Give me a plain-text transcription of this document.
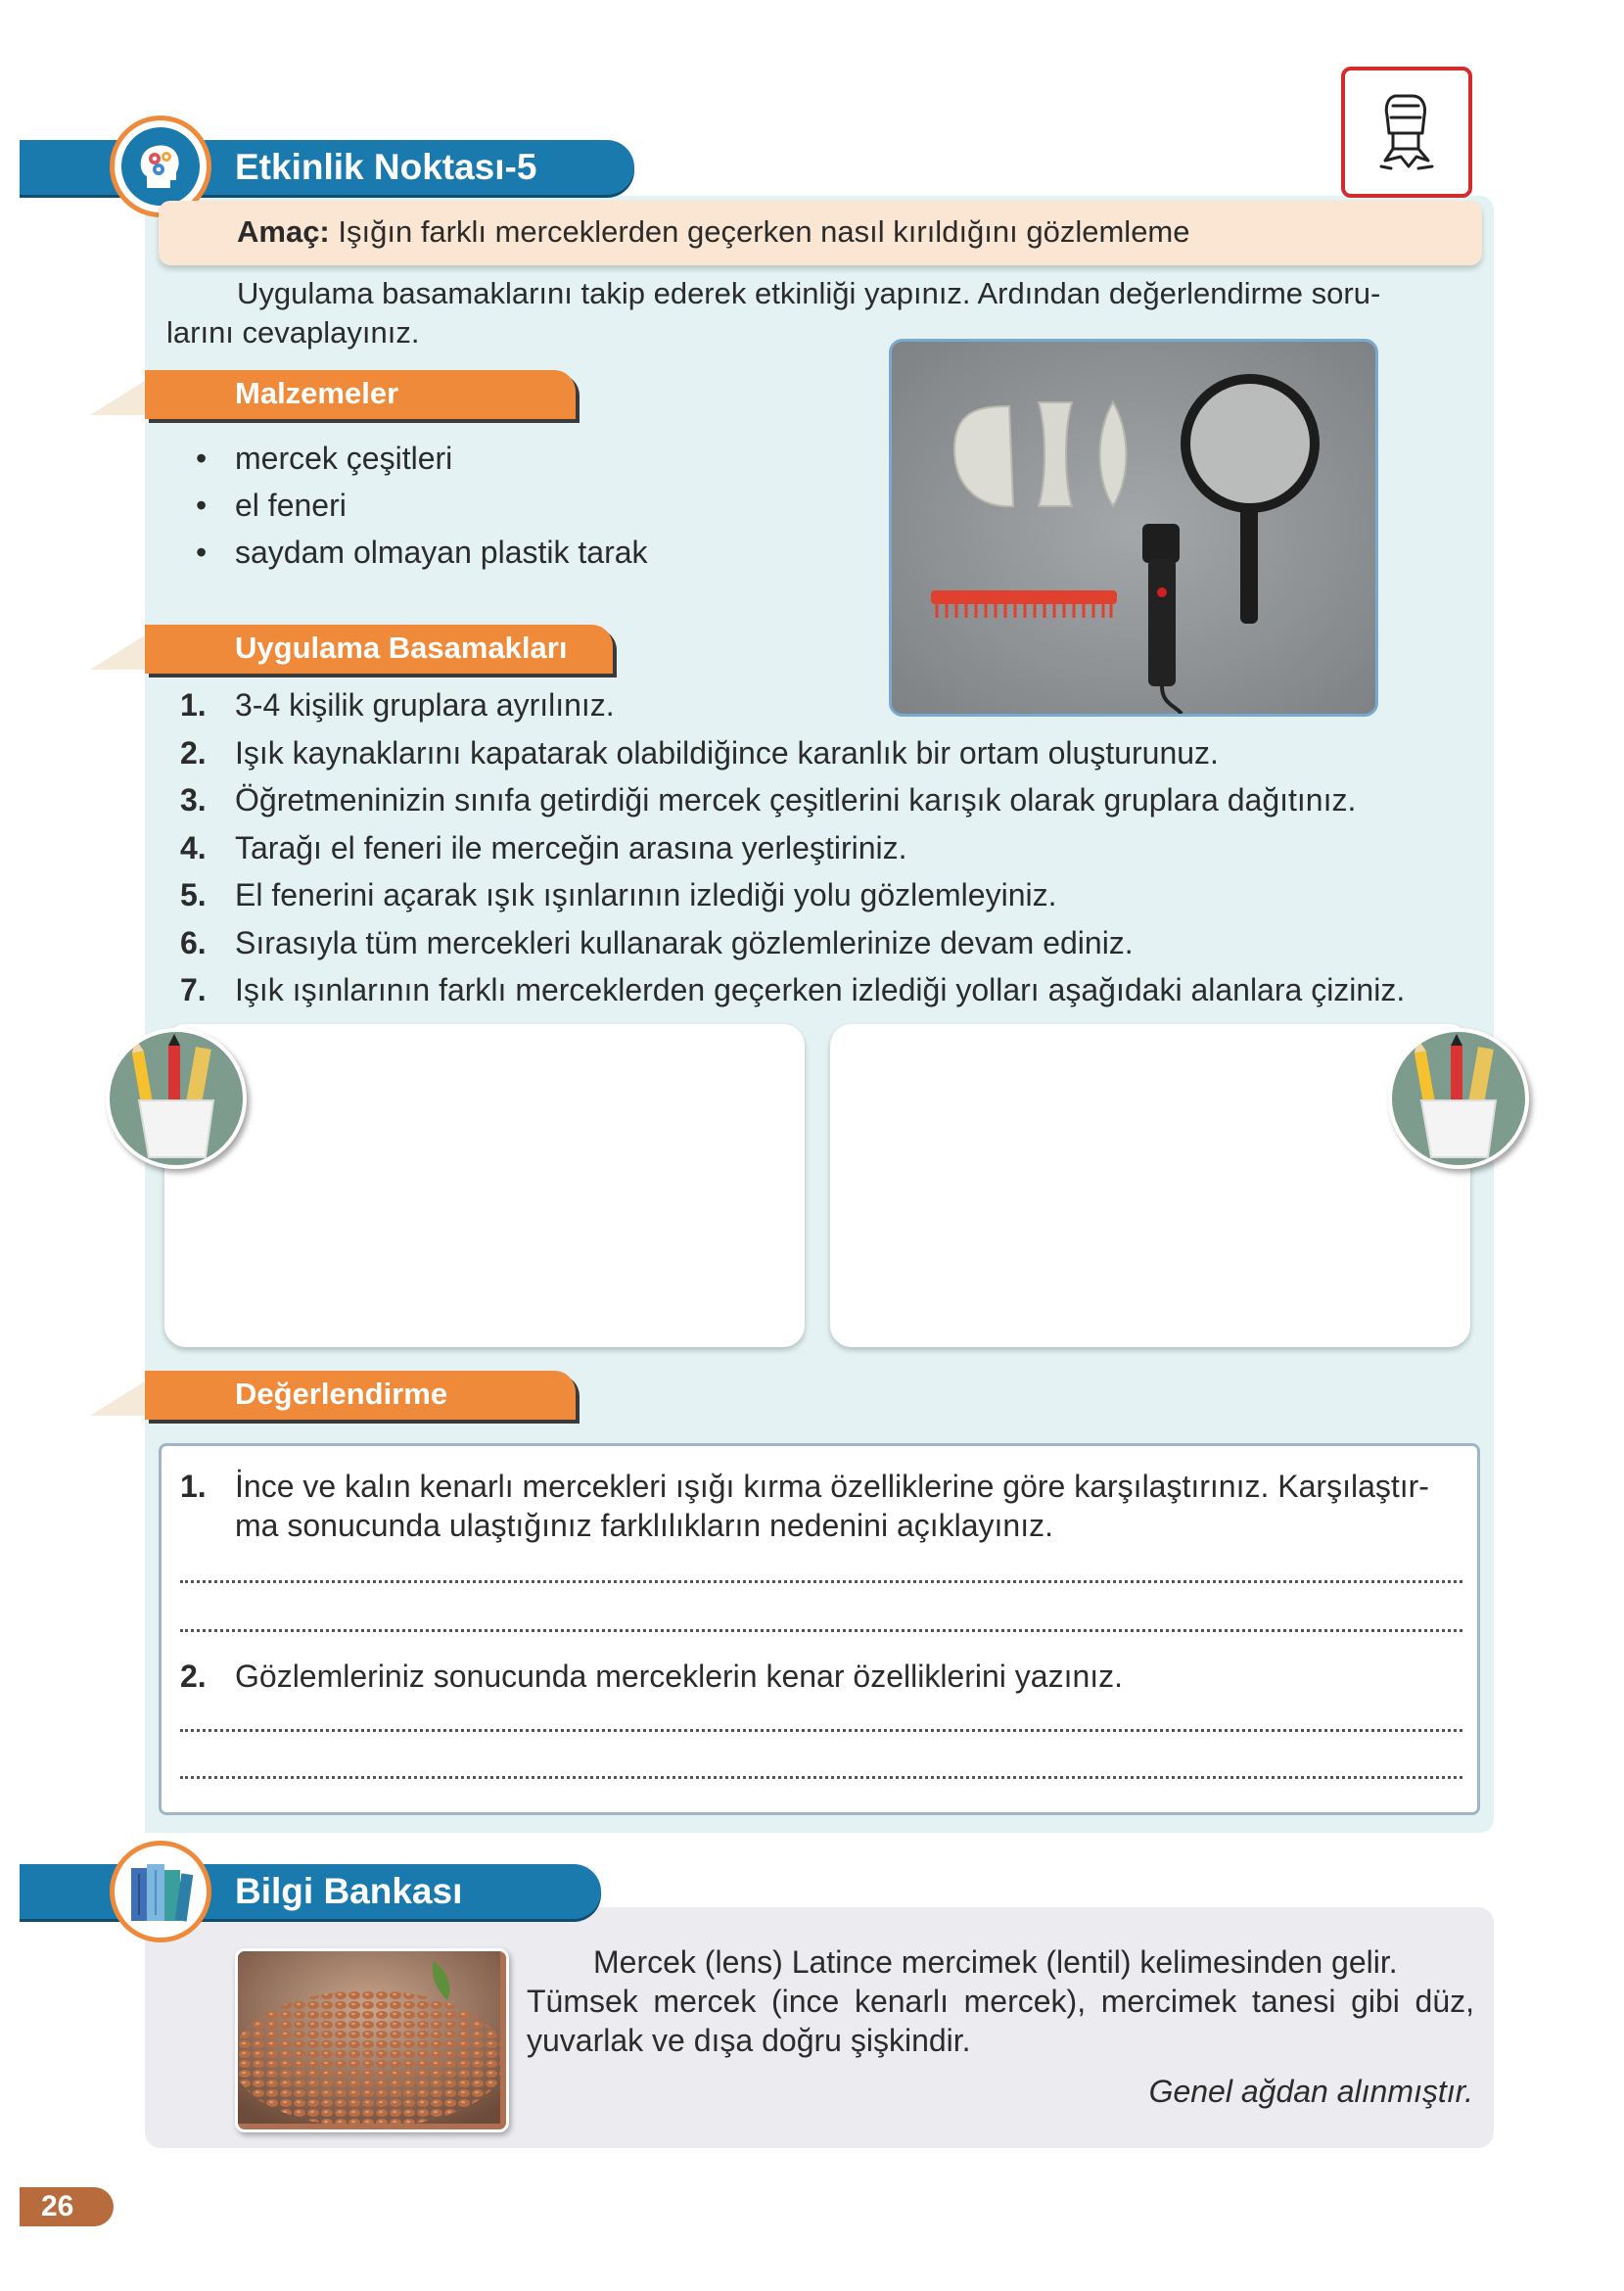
Etkinlik Noktası-5
Amaç: Işığın farklı merceklerden geçerken nasıl kırıldığını gözlemleme
Uygulama basamaklarını takip ederek etkinliği yapınız. Ardından değerlendirme soru-
larını cevaplayınız.
Malzemeler
• mercek çeşitleri
• el feneri
• saydam olmayan plastik tarak
Uygulama Basamakları
1. 3-4 kişilik gruplara ayrılınız.
2. Işık kaynaklarını kapatarak olabildiğince karanlık bir ortam oluşturunuz.
3. Öğretmeninizin sınıfa getirdiği mercek çeşitlerini karışık olarak gruplara dağıtınız.
4. Tarağı el feneri ile merceğin arasına yerleştiriniz.
5. El fenerini açarak ışık ışınlarının izlediği yolu gözlemleyiniz.
6. Sırasıyla tüm mercekleri kullanarak gözlemlerinize devam ediniz.
7. Işık ışınlarının farklı merceklerden geçerken izlediği yolları aşağıdaki alanlara çiziniz.
Değerlendirme
1. İnce ve kalın kenarlı mercekleri ışığı kırma özelliklerine göre karşılaştırınız. Karşılaştır-
ma sonucunda ulaştığınız farklılıkların nedenini açıklayınız.
2. Gözlemleriniz sonucunda merceklerin kenar özelliklerini yazınız.
Bilgi Bankası
Mercek (lens) Latince mercimek (lentil) kelimesinden gelir.
Tümsek mercek (ince kenarlı mercek), mercimek tanesi gibi düz, yuvarlak ve dışa doğru şişkindir.
Genel ağdan alınmıştır.
26
